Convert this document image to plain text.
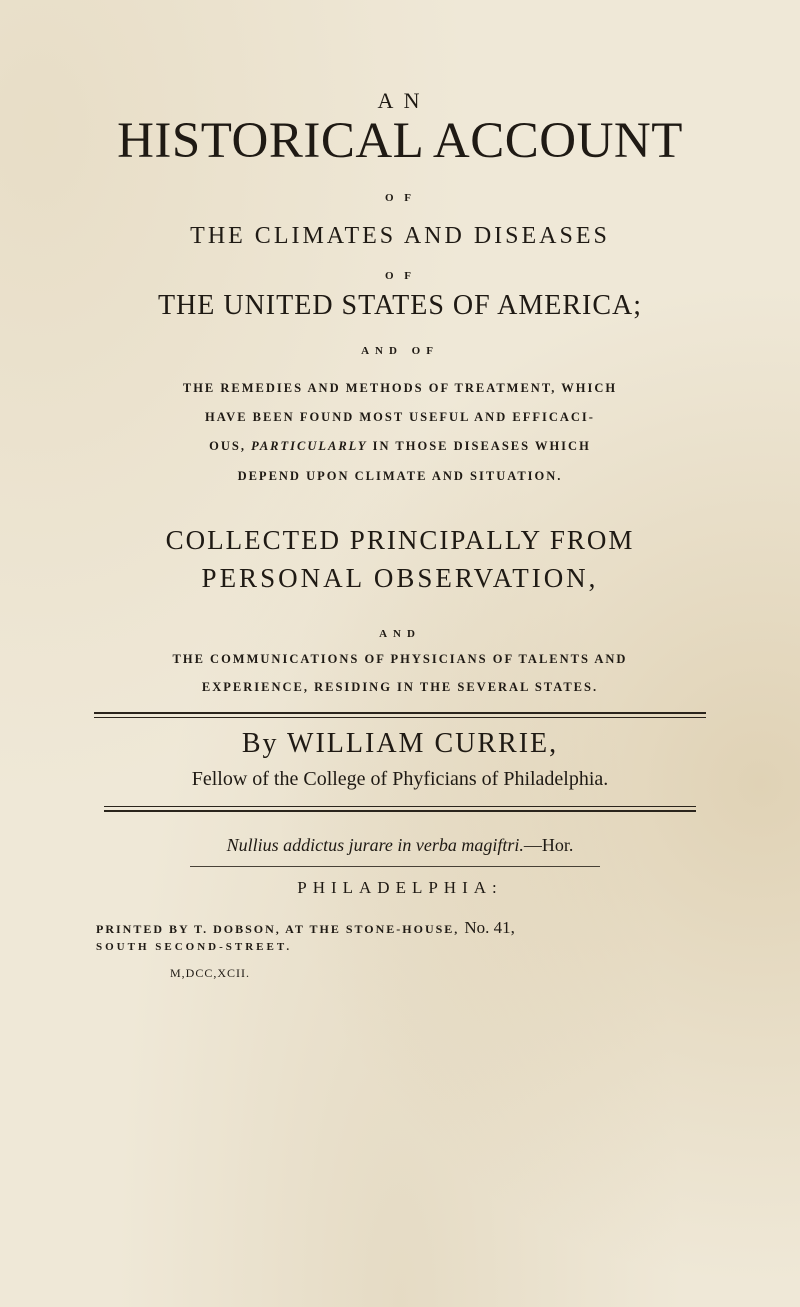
A N

HISTORICAL ACCOUNT

O F

THE CLIMATES AND DISEASES

O F

THE UNITED STATES OF AMERICA;

AND OF

THE REMEDIES AND METHODS OF TREATMENT, WHICH

HAVE BEEN FOUND MOST USEFUL AND EFFICACI-

OUS, PARTICULARLY IN THOSE DISEASES WHICH

DEPEND UPON CLIMATE AND SITUATION.

COLLECTED PRINCIPALLY FROM

PERSONAL OBSERVATION,

AND

THE COMMUNICATIONS OF PHYSICIANS OF TALENTS AND

EXPERIENCE, RESIDING IN THE SEVERAL STATES.

By WILLIAM CURRIE,

Fellow of the College of Phyficians of Philadelphia.

Nullius addictus jurare in verba magiftri.—Hor.

PHILADELPHIA:

PRINTED BY T. DOBSON, AT THE STONE-HOUSE, No. 41,

SOUTH SECOND-STREET.

M,DCC,XCII.
